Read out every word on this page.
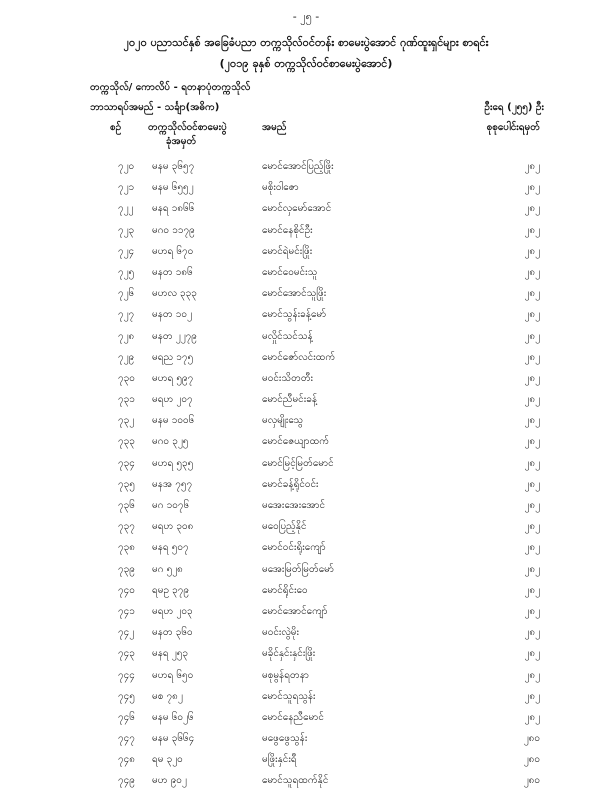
- ၂၅ -
၂၀၂၀ ပညာသင်နှစ် အခြေခံပညာ တက္ကသိုလ်ဝင်တန်း စာမေးပွဲအောင် ဂုဏ်ထူးရှင်များ စာရင်း
(၂၀၁၉ ခုနှစ် တက္ကသိုလ်ဝင်စာမေးပွဲအောင်)
တက္ကသိုလ်/ ကောလိပ် - ရတနာပုံတက္ကသိုလ်
ဘာသာရပ်အမည် - သင်္ချာ(အဓိက)	ဦးရေ (၂၅၅) ဦး
စဉ်	တက္ကသိုလ်ဝင်စာမေးပွဲ
ခုံအမှတ်
အမည်	စုစုပေါင်းရမှတ်
၇၂၀ မနမ ၃၆၅၇	မောင်အောင်ပြည့်ဖြိုး	၂၈၂
၇၂၁ မနမ ၆၅၅၂	မစိုးဝါဇော	၂၈၂
၇၂၂ မနရ ၁၈၆၆	မောင်လှမော်အောင်	၂၈၂
၇၂၃ မဂဝ ၁၁၇၉	မောင်နေစိုင်ဦး	၂၈၂
၇၂၄ မဟရ ၆၇၀	မောင်ရဲမင်းဖြိုး	၂၈၂
၇၂၅ မနတ ၁၈၆	မောင်ဝေမင်းသူ	၂၈၂
၇၂၆ မဟလ ၃၃၃	မောင်အောင်သူဖြိုး	၂၈၂
၇၂၇ မနတ ၁၀၂	မောင်သွန်းခန့်မော်	၂၈၂
၇၂၈ မနတ ၂၂၇၉	မလှိုင်သင်သန့်	၂၈၂
၇၂၉ မရည ၁၇၅	မောင်ဇော်လင်းထက်	၂၈၂
၇၃၀ မဟရ ၅၉၇	မဝင်းသိတတီး	၂၈၂
၇၃၁ မရဟ ၂၀၇	မောင်ညီမင်းခန့်	၂၈၂
၇၃၂ မနမ ၁၀၀၆	မလှမျိုးသွေ	၂၈၂
၇၃၃ မဂဝ ၃၂၅	မောင်ဇေယျာထက်	၂၈၂
၇၃၄ မဟရ ၅၃၅	မောင်မြင့်မြတ်မောင်	၂၈၂
၇၃၅ မနအ ၇၅၇	မောင်ခန့်ရိုင်ဝင်း	၂၈၂
၇၃၆ မဂ ၁၀၇၆	မအေးအေးအောင်	၂၈၂
၇၃၇ မရဟ ၃၀၈	မဝေပြည့်နိုင်	၂၈၂
၇၃၈ မနရ ၅၀၇	မောင်ဝင်းရိုးကျော်	၂၈၂
၇၃၉ မဂ ၅၂၈	မအေးမြတ်မြတ်မော်	၂၈၂
၇၄၀ ရမဥ ၃၇၉	မောင်ရိုင်းဝေ	၂၈၂
၇၄၁ မရဟ ၂၀၃	မောင်အောင်ကျော်	၂၈၂
၇၄၂ မနတ ၃၆၀	မဝင်းလွဲမိုး	၂၈၂
၇၄၃ မနရ ၂၅၃	မခိုင်နှင်းနှင်းဖြိုး	၂၈၂
၇၄၄ မဟရ ၆၅၀	မစုမွန်ရတနာ	၂၈၂
၇၄၅ မစ ၇၈၂	မောင်သူရသွန်း	၂၈၂
၇၄၆ မနမ ၆၀၂၆	မောင်နေညီမောင်	၂၈၂
၇၄၇ မနမ ၃၆၆၄	မဖွေဖွေသွန်း	၂၈၀
၇၄၈ ရမ ၃၂၀	မဖြိုးနှင်းရီ	၂၈၀
၇၄၉ မဟ ၉၀၂	မောင်သူရထက်နိုင်	၂၈၀
